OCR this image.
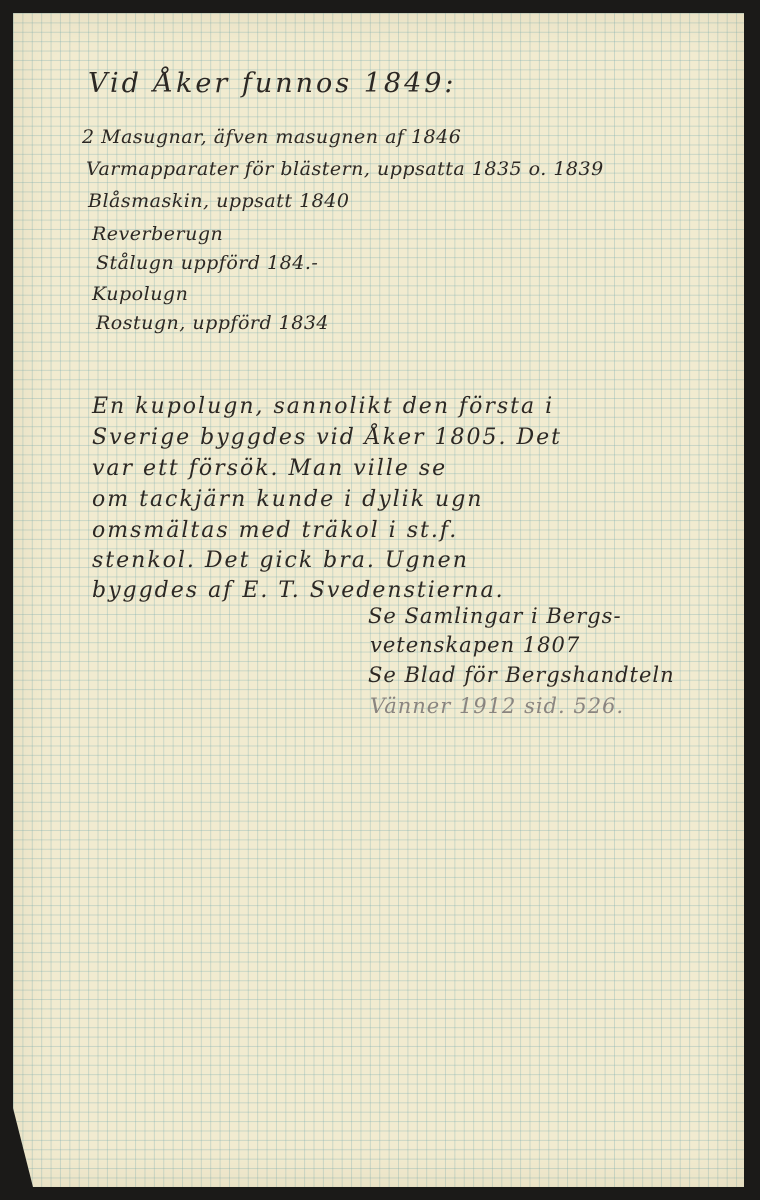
Vid Åker funnos 1849:
2 Masugnar, äfven masugnen af 1846
Varmapparater för blästern, uppsatta 1835 o. 1839
Blåsmaskin, uppsatt 1840
Reverberugn
Stålugn uppförd 184.-
Kupolugn
Rostugn, uppförd 1834
En kupolugn, sannolikt den första i
Sverige byggdes vid Åker 1805. Det
var ett försök. Man ville se
om tackjärn kunde i dylik ugn
omsmältas med träkol i st.f.
stenkol. Det gick bra. Ugnen
byggdes af E. T. Svedenstierna.
Se Samlingar i Bergs-
vetenskapen 1807
Se Blad för Bergshandteln
Vänner 1912 sid. 526.
